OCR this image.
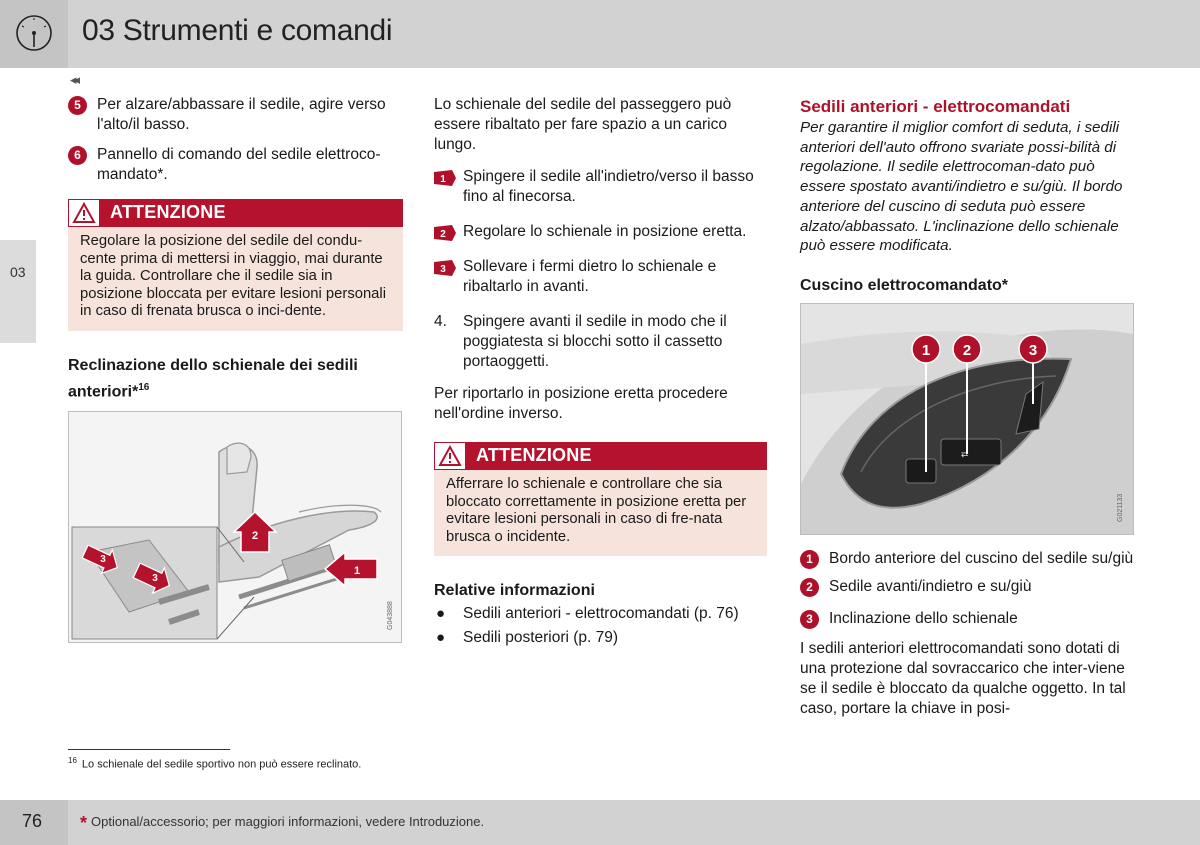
03 Strumenti e comandi
◂◂
03
5	Per alzare/abbassare il sedile, agire verso l'alto/il basso.
6	Pannello di comando del sedile elettroco-mandato*.
ATTENZIONE
Regolare la posizione del sedile del condu-cente prima di mettersi in viaggio, mai durante la guida. Controllare che il sedile sia in posizione bloccata per evitare lesioni personali in caso di frenata brusca o inci-dente.
Reclinazione dello schienale dei sedili anteriori*$^{16}$
2
3
3
1
G043888

Lo schienale del sedile del passeggero può essere ribaltato per fare spazio a un carico lungo.

1 Spingere il sedile all'indietro/verso il basso fino al finecorsa.
2 Regolare lo schienale in posizione eretta.
3 Sollevare i fermi dietro lo schienale e ribaltarlo in avanti.
4. Spingere avanti il sedile in modo che il poggiatesta si blocchi sotto il cassetto portaoggetti.

Per riportarlo in posizione eretta procedere nell'ordine inverso.

ATTENZIONE
Afferrare lo schienale e controllare che sia bloccato correttamente in posizione eretta per evitare lesioni personali in caso di fre-nata brusca o incidente.
Relative informazioni
● Sedili anteriori - elettrocomandati (p. 76)
● Sedili posteriori (p. 79)
Sedili anteriori - elettrocomandati

Per garantire il miglior comfort di seduta, i sedili anteriori dell'auto offrono svariate possi-bilità di regolazione. Il sedile elettrocoman-dato può essere spostato avanti/indietro e su/giù. Il bordo anteriore del cuscino di seduta può essere alzato/abbassato. L'inclinazione dello schienale può essere modificata.

Cuscino elettrocomandato*
⇄
1 2	3
G021133
1	Bordo anteriore del cuscino del sedile su/giù
2	Sedile avanti/indietro e su/giù
3	Inclinazione dello schienale

I sedili anteriori elettrocomandati sono dotati di una protezione dal sovraccarico che inter-viene se il sedile è bloccato da qualche oggetto. In tal caso, portare la chiave in posi-

$^{16}$ Lo schienale del sedile sportivo non può essere reclinato.
76 * Optional/accessorio; per maggiori informazioni, vedere Introduzione.
